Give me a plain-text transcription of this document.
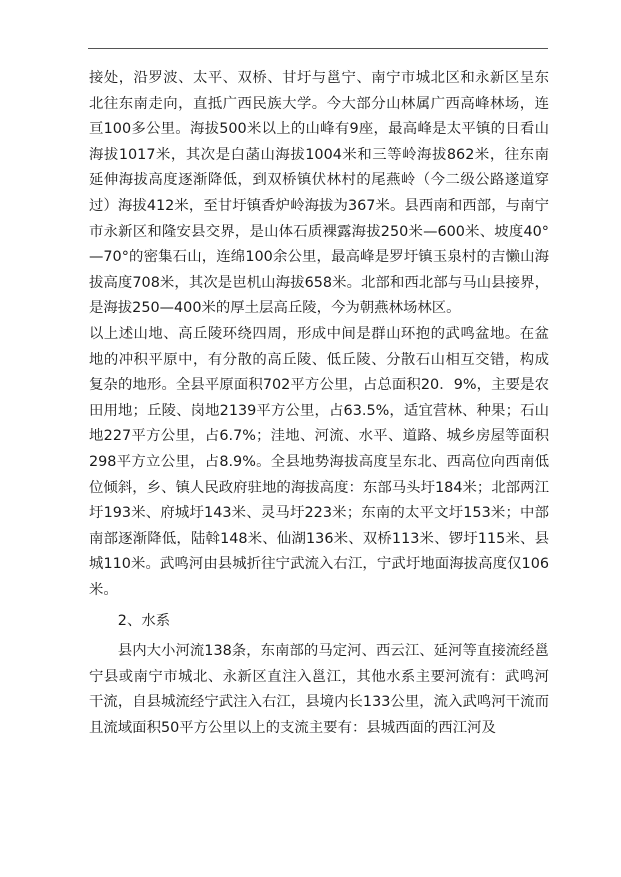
接处，沿罗波、太平、双桥、甘圩与邕宁、南宁市城北区和永新区呈东北往东南走向，直抵广西民族大学。今大部分山林属广西高峰林场，连亘100多公里。海拔500米以上的山峰有9座，最高峰是太平镇的日看山海拔1017米，其次是白菡山海拔1004米和三等岭海拔862米，往东南延伸海拔高度逐渐降低，到双桥镇伏林村的尾燕岭（今二级公路遂道穿过）海拔412米，至甘圩镇香炉岭海拔为367米。县西南和西部，与南宁市永新区和隆安县交界，是山体石质裸露海拔250米—600米、坡度40°—70°的密集石山，连绵100余公里，最高峰是罗圩镇玉泉村的吉懒山海拔高度708米，其次是岜机山海拔658米。北部和西北部与马山县接界，是海拔250—400米的厚土层高丘陵，今为朝燕林场林区。

以上述山地、高丘陵环绕四周，形成中间是群山环抱的武鸣盆地。在盆地的冲积平原中，有分散的高丘陵、低丘陵、分散石山相互交错，构成复杂的地形。全县平原面积702平方公里，占总面积20．9%，主要是农田用地；丘陵、岗地2139平方公里，占63.5%，适宜营林、种果；石山地227平方公里，占6.7%；洼地、河流、水平、道路、城乡房屋等面积298平方立公里，占8.9%。全县地势海拔高度呈东北、西高位向西南低位倾斜，乡、镇人民政府驻地的海拔高度：东部马头圩184米；北部两江圩193米、府城圩143米、灵马圩223米；东南的太平文圩153米；中部南部逐渐降低，陆斡148米、仙湖136米、双桥113米、锣圩115米、县城110米。武鸣河由县城折往宁武流入右江，宁武圩地面海拔高度仅106米。

2、水系

县内大小河流138条，东南部的马定河、西云江、延河等直接流经邕宁县或南宁市城北、永新区直注入邕江，其他水系主要河流有：武鸣河干流，自县城流经宁武注入右江，县境内长133公里，流入武鸣河干流而且流域面积50平方公里以上的支流主要有：县城西面的西江河及
